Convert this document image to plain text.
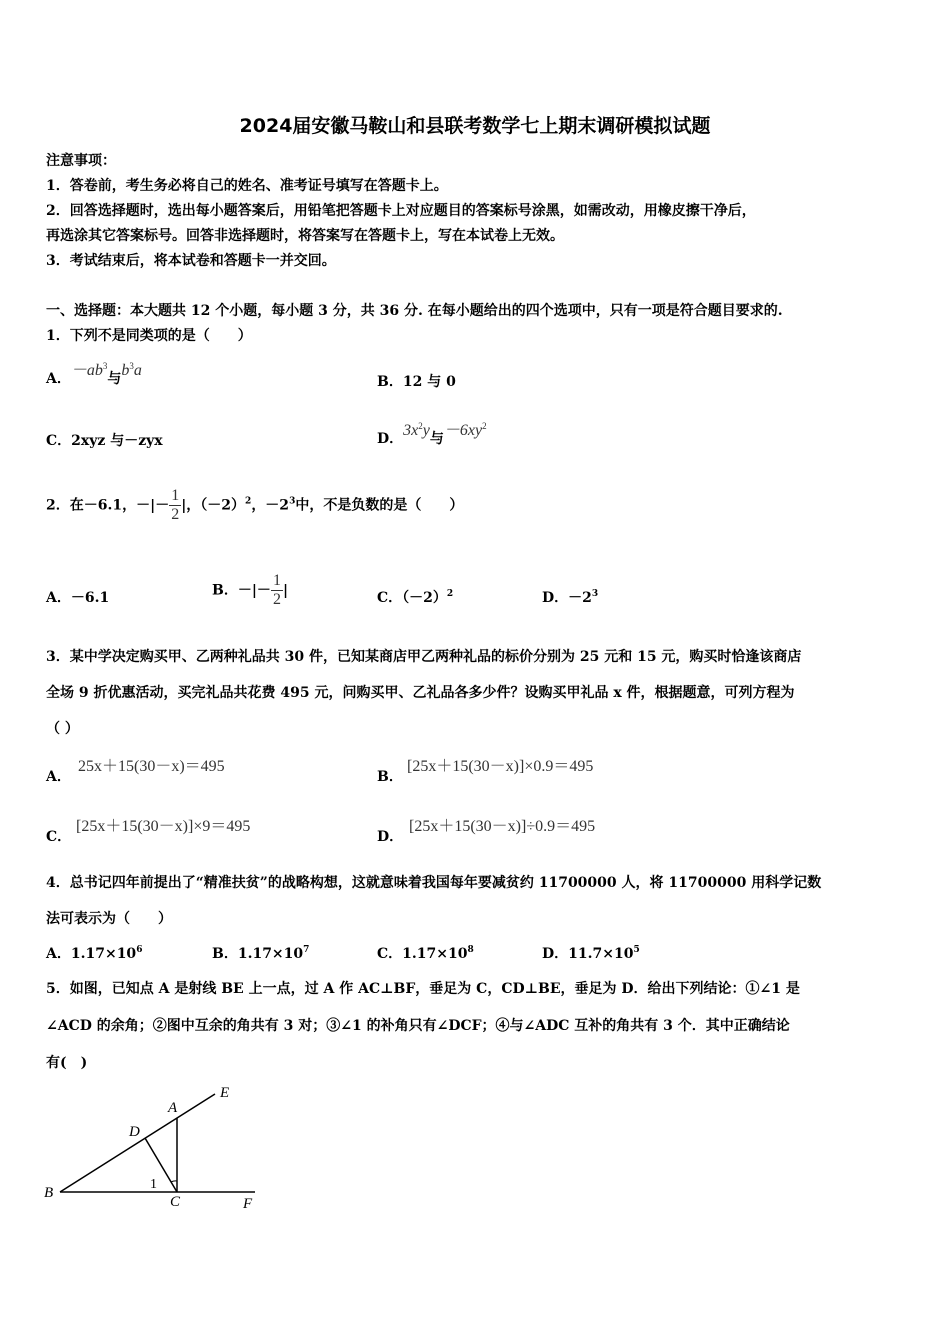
2024届安徽马鞍山和县联考数学七上期末调研模拟试题
注意事项：
1．答卷前，考生务必将自己的姓名、准考证号填写在答题卡上。
2．回答选择题时，选出每小题答案后，用铅笔把答题卡上对应题目的答案标号涂黑，如需改动，用橡皮擦干净后，
再选涂其它答案标号。回答非选择题时，将答案写在答题卡上，写在本试卷上无效。
3．考试结束后，将本试卷和答题卡一并交回。
一、选择题：本大题共 12 个小题，每小题 3 分，共 36 分. 在每小题给出的四个选项中，只有一项是符合题目要求的.
1．下列不是同类项的是（　　）
A．$-ab^3$与$b^3a$
B．12 与 0
C．2xyz 与－zyx	D．$3x^2y$与$-6xy^2$
2．在－6.1，－|－ $\frac{1}{2}$ |，$(-2)^2$，$-2^3$中，不是负数的是（　　）
A．－6.1	B．－|－ $\frac{1}{2}$ |	C．$(-2)^2$	D．$-2^3$
3．某中学决定购买甲、乙两种礼品共 30 件，已知某商店甲乙两种礼品的标价分别为 25 元和 15 元，购买时恰逢该商店
全场 9 折优惠活动，买完礼品共花费 495 元，问购买甲、乙礼品各多少件？设购买甲礼品 x 件，根据题意，可列方程为
（ ）
A．
25x＋15(30－x)＝495
B．
[25x＋15(30－x)]×0.9＝495
C．
[25x＋15(30－x)]×9＝495
D．
[25x＋15(30－x)]÷0.9＝495
4．总书记四年前提出了“精准扶贫”的战略构想，这就意味着我国每年要减贫约 11700000 人，将 11700000 用科学记数
法可表示为（　　）
A．$1.17\times 10^6$	B．$1.17\times 10^7$	C．$1.17\times 10^8$	D．$11.7\times 10^5$
5．如图，已知点 A 是射线 BE 上一点，过 A 作 AC⊥BF，垂足为 C，CD⊥BE，垂足为 D．给出下列结论：①∠1 是
∠ACD 的余角；②图中互余的角共有 3 对；③∠1 的补角只有∠DCF；④与∠ADC 互补的角共有 3 个．其中正确结论
有(　)
B
A
D
E
C	F
1
